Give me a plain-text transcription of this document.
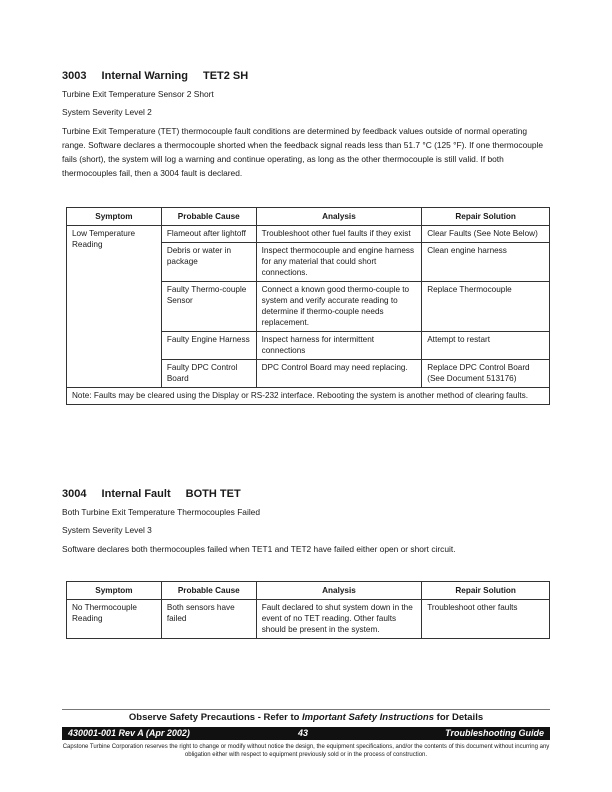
3003 Internal Warning TET2 SH
Turbine Exit Temperature Sensor 2 Short
System Severity Level 2

Turbine Exit Temperature (TET) thermocouple fault conditions are determined by feedback values outside of normal operating range. Software declares a thermocouple shorted when the feedback signal reads less than 51.7 °C (125 °F). If one thermocouple fails (short), the system will log a warning and continue operating, as long as the other thermocouple is still valid. If both thermocouples fail, then a 3004 fault is declared.

Symptom	Probable Cause	Analysis	Repair Solution
Low Temperature Reading	Flameout after lightoff	Troubleshoot other fuel faults if they exist	Clear Faults (See Note Below)
	Debris or water in package	Inspect thermocouple and engine harness for any material that could short connections.	Clean engine harness
	Faulty Thermo-couple Sensor	Connect a known good thermo-couple to system and verify accurate reading to determine if thermo-couple needs replacement.	Replace Thermocouple
	Faulty Engine Harness	Inspect harness for intermittent connections	Attempt to restart
	Faulty DPC Control Board	DPC Control Board may need replacing.	Replace DPC Control Board (See Document 513176)
Note: Faults may be cleared using the Display or RS-232 interface. Rebooting the system is another method of clearing faults.			
3004 Internal Fault BOTH TET
Both Turbine Exit Temperature Thermocouples Failed
System Severity Level 3

Software declares both thermocouples failed when TET1 and TET2 have failed either open or short circuit.

Symptom	Probable Cause	Analysis	Repair Solution
No Thermocouple Reading	Both sensors have failed	Fault declared to shut system down in the event of no TET reading. Other faults should be present in the system.	Troubleshoot other faults
Observe Safety Precautions - Refer to Important Safety Instructions for Details
430001-001 Rev A (Apr 2002)	43	Troubleshooting Guide
Capstone Turbine Corporation reserves the right to change or modify without notice the design, the equipment specifications, and/or the contents of this document without incurring any obligation either with respect to equipment previously sold or in the process of construction.
